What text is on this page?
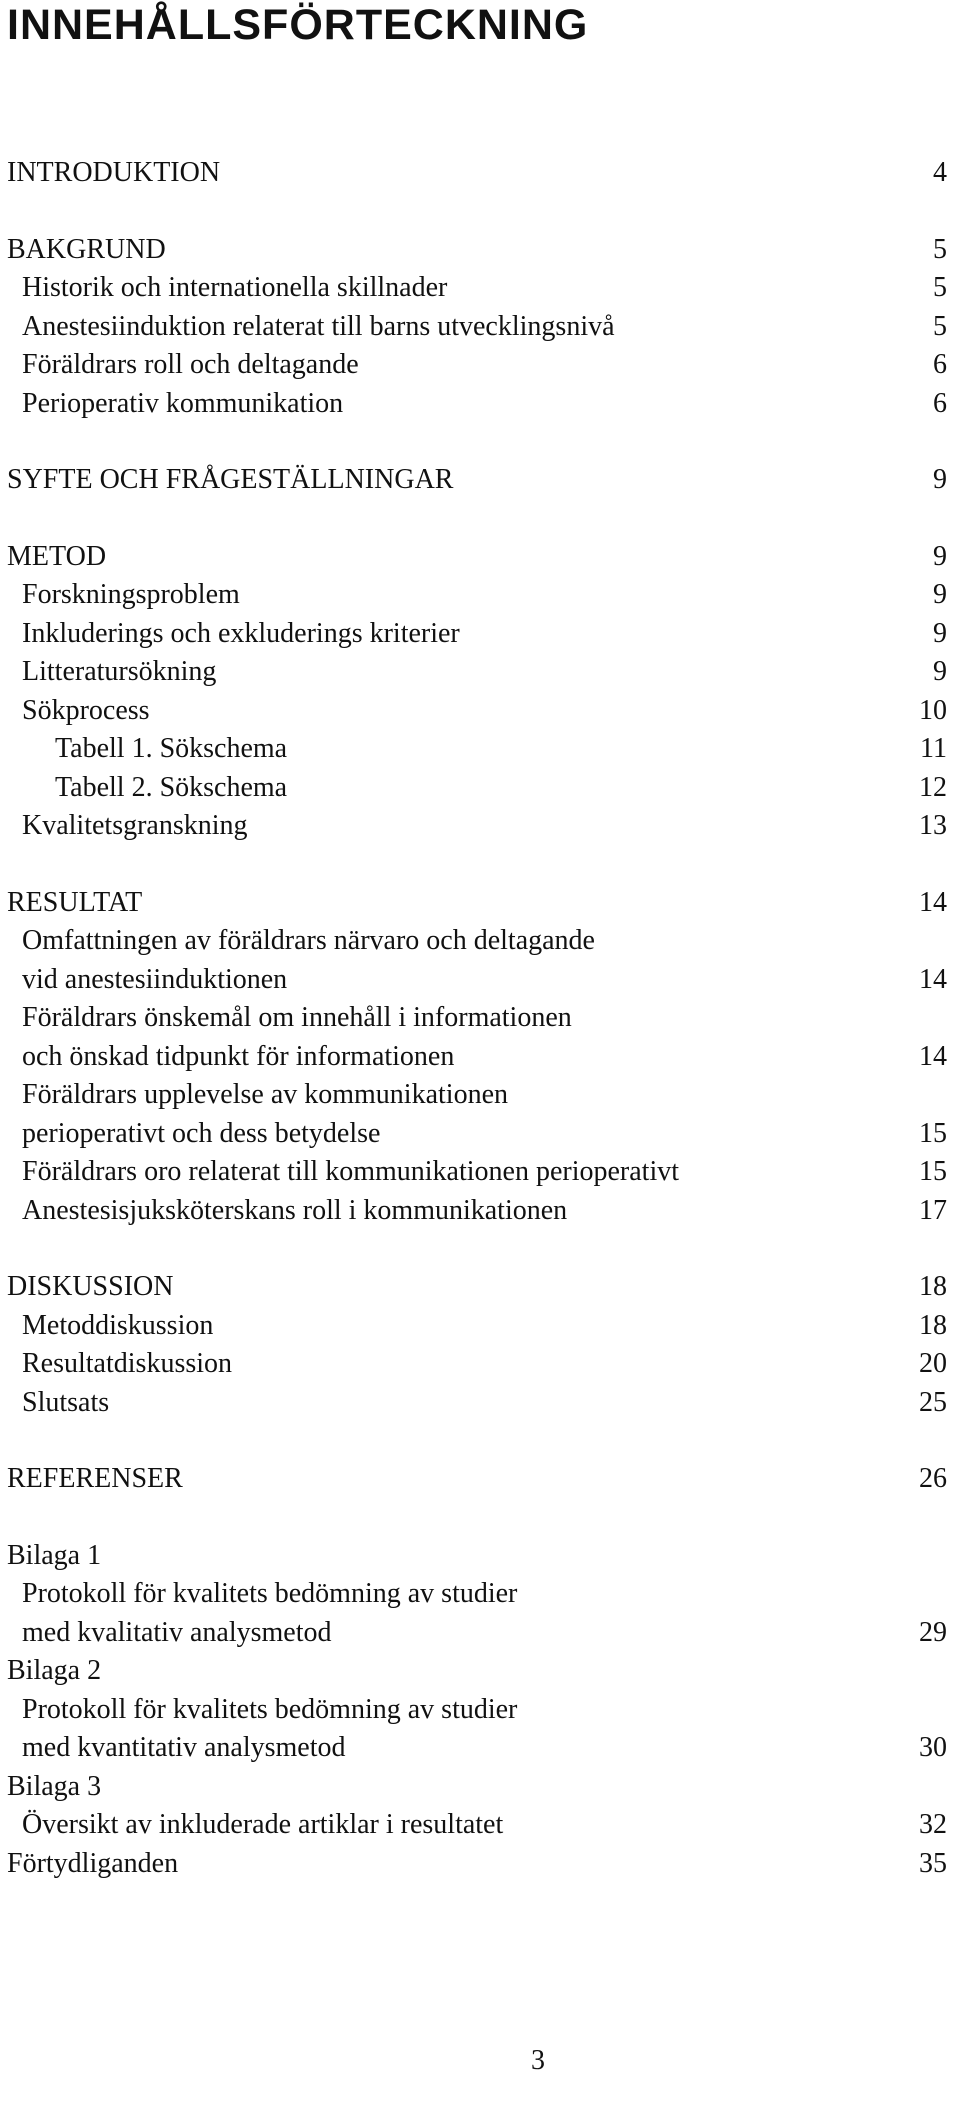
INNEHÅLLSFÖRTECKNING
INTRODUKTION	4
BAKGRUND	5
Historik och internationella skillnader	5
Anestesiinduktion relaterat till barns utvecklingsnivå	5
Föräldrars roll och deltagande	6
Perioperativ kommunikation	6
SYFTE OCH FRÅGESTÄLLNINGAR	9
METOD	9
Forskningsproblem	9
Inkluderings och exkluderings kriterier	9
Litteratursökning	9
Sökprocess	10
Tabell 1. Sökschema	11
Tabell 2. Sökschema	12
Kvalitetsgranskning	13
RESULTAT	14
Omfattningen av föräldrars närvaro och deltagande
vid anestesiinduktionen	14
Föräldrars önskemål om innehåll i informationen
och önskad tidpunkt för informationen	14
Föräldrars upplevelse av kommunikationen
perioperativt och dess betydelse	15
Föräldrars oro relaterat till kommunikationen perioperativt	15
Anestesisjuksköterskans roll i kommunikationen	17
DISKUSSION	18
Metoddiskussion	18
Resultatdiskussion	20
Slutsats	25
REFERENSER	26
Bilaga 1
Protokoll för kvalitets bedömning av studier
med kvalitativ analysmetod	29
Bilaga 2
Protokoll för kvalitets bedömning av studier
med kvantitativ analysmetod	30
Bilaga 3
Översikt av inkluderade artiklar i resultatet	32
Förtydliganden	35
3
